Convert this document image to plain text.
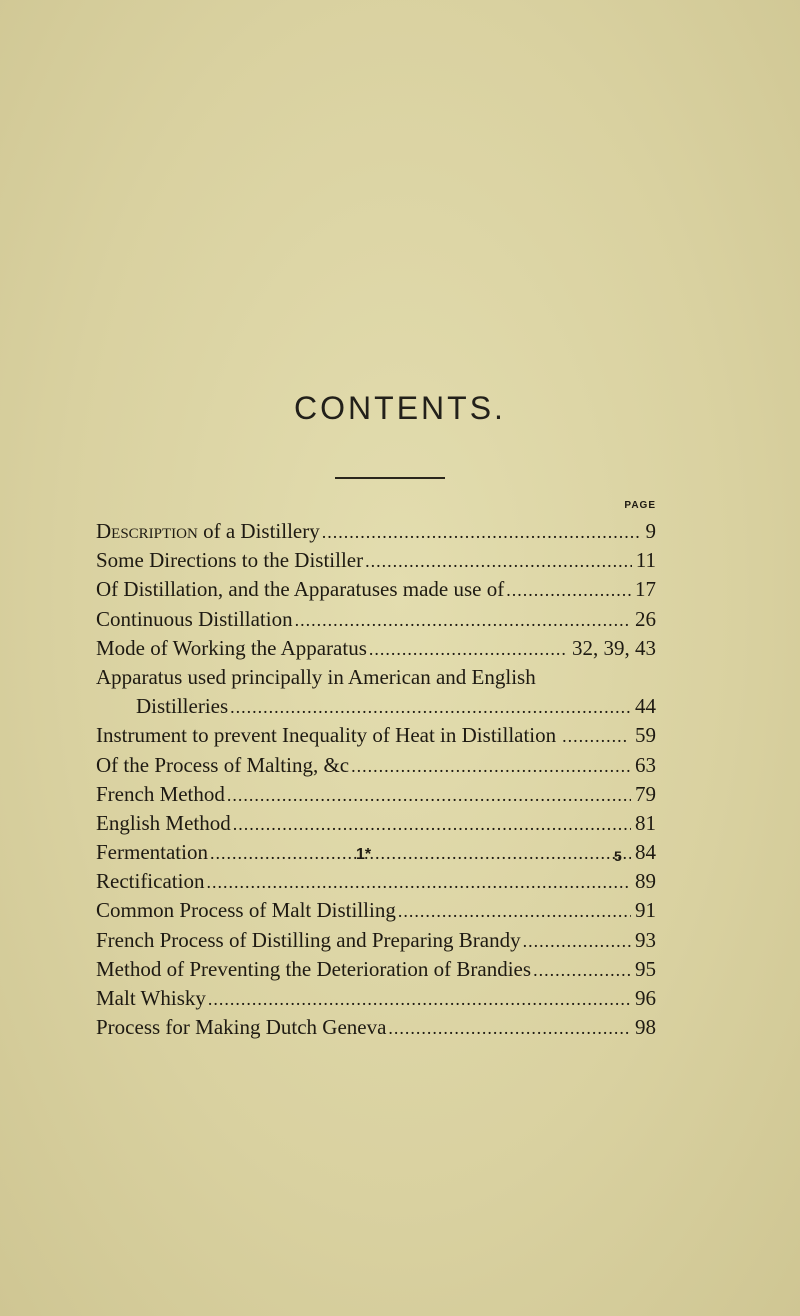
CONTENTS.
PAGE
Description of a Distillery .....	9
Some Directions to the Distiller .....	11
Of Distillation, and the Apparatuses made use of .....	17
Continuous Distillation .....	26
Mode of Working the Apparatus .....	32, 39, 43
Apparatus used principally in American and English
Distilleries .....	44
Instrument to prevent Inequality of Heat in Distillation .....	59
Of the Process of Malting, &c .....	63
French Method .....	79
English Method .....	81
Fermentation .....	84
Rectification .....	89
Common Process of Malt Distilling .....	91
French Process of Distilling and Preparing Brandy .....	93
Method of Preventing the Deterioration of Brandies .....	95
Malt Whisky .....	96
Process for Making Dutch Geneva .....	98
1*	5
